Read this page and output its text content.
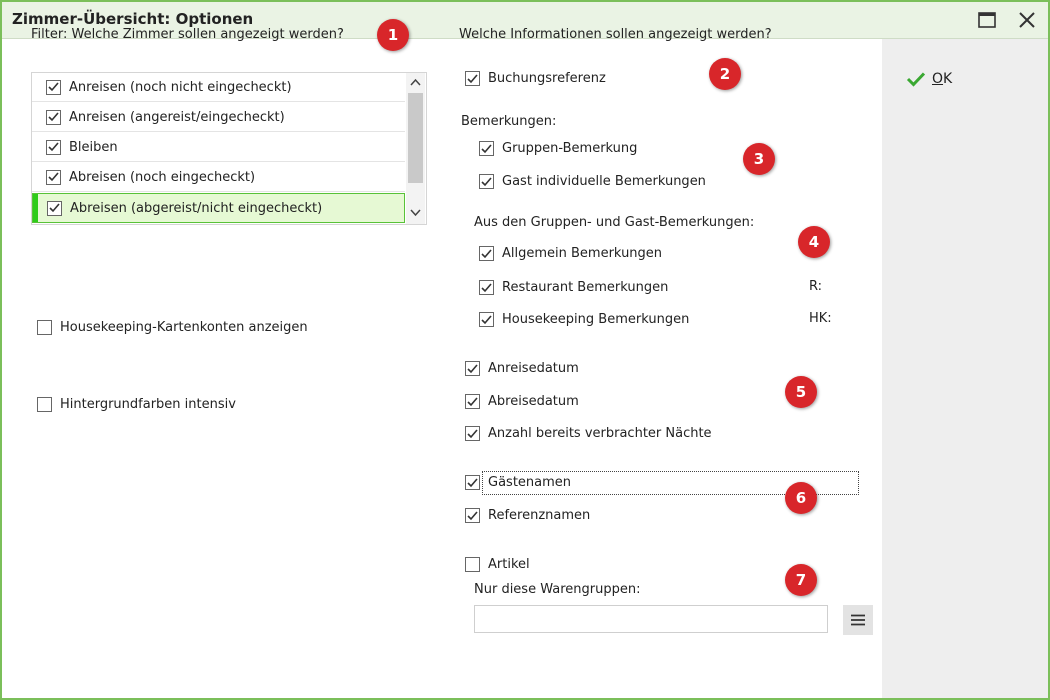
Zimmer-Übersicht: Optionen
OK
Filter: Welche Zimmer sollen angezeigt werden?
Anreisen (noch nicht eingecheckt)
Anreisen (angereist/eingecheckt)
Bleiben
Abreisen (noch eingecheckt)
Abreisen (abgereist/nicht eingecheckt)
Housekeeping-Kartenkonten anzeigen
Hintergrundfarben intensiv
Welche Informationen sollen angezeigt werden?
Buchungsreferenz
Bemerkungen:
Gruppen-Bemerkung
Gast individuelle Bemerkungen
Aus den Gruppen- und Gast-Bemerkungen:
Allgemein Bemerkungen
Restaurant Bemerkungen	R:
Housekeeping Bemerkungen	HK:
Anreisedatum
Abreisedatum
Anzahl bereits verbrachter Nächte
Gästenamen
Referenznamen
Artikel
Nur diese Warengruppen:
1
2
3
4
5
6
7
